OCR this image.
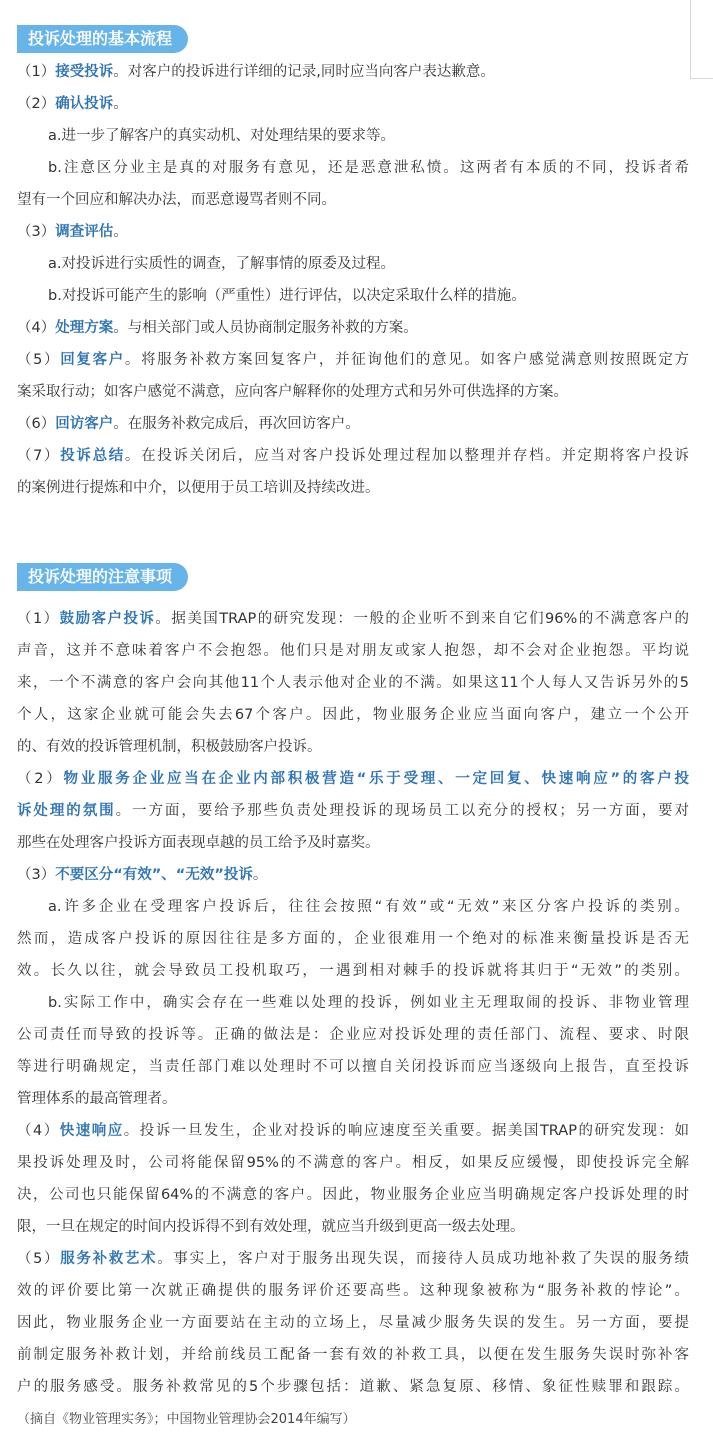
投诉处理的基本流程
（1）接受投诉。对客户的投诉进行详细的记录,同时应当向客户表达歉意。
（2）确认投诉。
a.进一步了解客户的真实动机、对处理结果的要求等。
b.注意区分业主是真的对服务有意见，还是恶意泄私愤。这两者有本质的不同，投诉者希
望有一个回应和解决办法，而恶意谩骂者则不同。
（3）调查评估。
a.对投诉进行实质性的调查，了解事情的原委及过程。
b.对投诉可能产生的影响（严重性）进行评估，以决定采取什么样的措施。
（4）处理方案。与相关部门或人员协商制定服务补救的方案。
（5）回复客户。将服务补救方案回复客户，并征询他们的意见。如客户感觉满意则按照既定方
案采取行动；如客户感觉不满意，应向客户解释你的处理方式和另外可供选择的方案。
（6）回访客户。在服务补救完成后，再次回访客户。
（7）投诉总结。在投诉关闭后，应当对客户投诉处理过程加以整理并存档。并定期将客户投诉
的案例进行提炼和中介，以便用于员工培训及持续改进。
投诉处理的注意事项
（1）鼓励客户投诉。据美国TRAP的研究发现：一般的企业听不到来自它们96%的不满意客户的
声音，这并不意味着客户不会抱怨。他们只是对朋友或家人抱怨，却不会对企业抱怨。平均说
来，一个不满意的客户会向其他11个人表示他对企业的不满。如果这11个人每人又告诉另外的5
个人，这家企业就可能会失去67个客户。因此，物业服务企业应当面向客户，建立一个公开
的、有效的投诉管理机制，积极鼓励客户投诉。
（2）物业服务企业应当在企业内部积极营造“乐于受理、一定回复、快速响应”的客户投
诉处理的氛围。一方面，要给予那些负责处理投诉的现场员工以充分的授权；另一方面，要对
那些在处理客户投诉方面表现卓越的员工给予及时嘉奖。
（3）不要区分“有效”、“无效”投诉。
a.许多企业在受理客户投诉后，往往会按照“有效”或“无效”来区分客户投诉的类别。
然而，造成客户投诉的原因往往是多方面的，企业很难用一个绝对的标准来衡量投诉是否无
效。长久以往，就会导致员工投机取巧，一遇到相对棘手的投诉就将其归于“无效”的类别。
b.实际工作中，确实会存在一些难以处理的投诉，例如业主无理取闹的投诉、非物业管理
公司责任而导致的投诉等。正确的做法是：企业应对投诉处理的责任部门、流程、要求、时限
等进行明确规定，当责任部门难以处理时不可以擅自关闭投诉而应当逐级向上报告，直至投诉
管理体系的最高管理者。
（4）快速响应。投诉一旦发生，企业对投诉的响应速度至关重要。据美国TRAP的研究发现：如
果投诉处理及时，公司将能保留95%的不满意的客户。相反，如果反应缓慢，即使投诉完全解
决，公司也只能保留64%的不满意的客户。因此，物业服务企业应当明确规定客户投诉处理的时
限，一旦在规定的时间内投诉得不到有效处理，就应当升级到更高一级去处理。
（5）服务补救艺术。事实上，客户对于服务出现失误，而接待人员成功地补救了失误的服务绩
效的评价要比第一次就正确提供的服务评价还要高些。这种现象被称为“服务补救的悖论”。
因此，物业服务企业一方面要站在主动的立场上，尽量减少服务失误的发生。另一方面，要提
前制定服务补救计划，并给前线员工配备一套有效的补救工具，以便在发生服务失误时弥补客
户的服务感受。服务补救常见的5个步骤包括：道歉、紧急复原、移情、象征性赎罪和跟踪。
（摘自《物业管理实务》；中国物业管理协会2014年编写）
